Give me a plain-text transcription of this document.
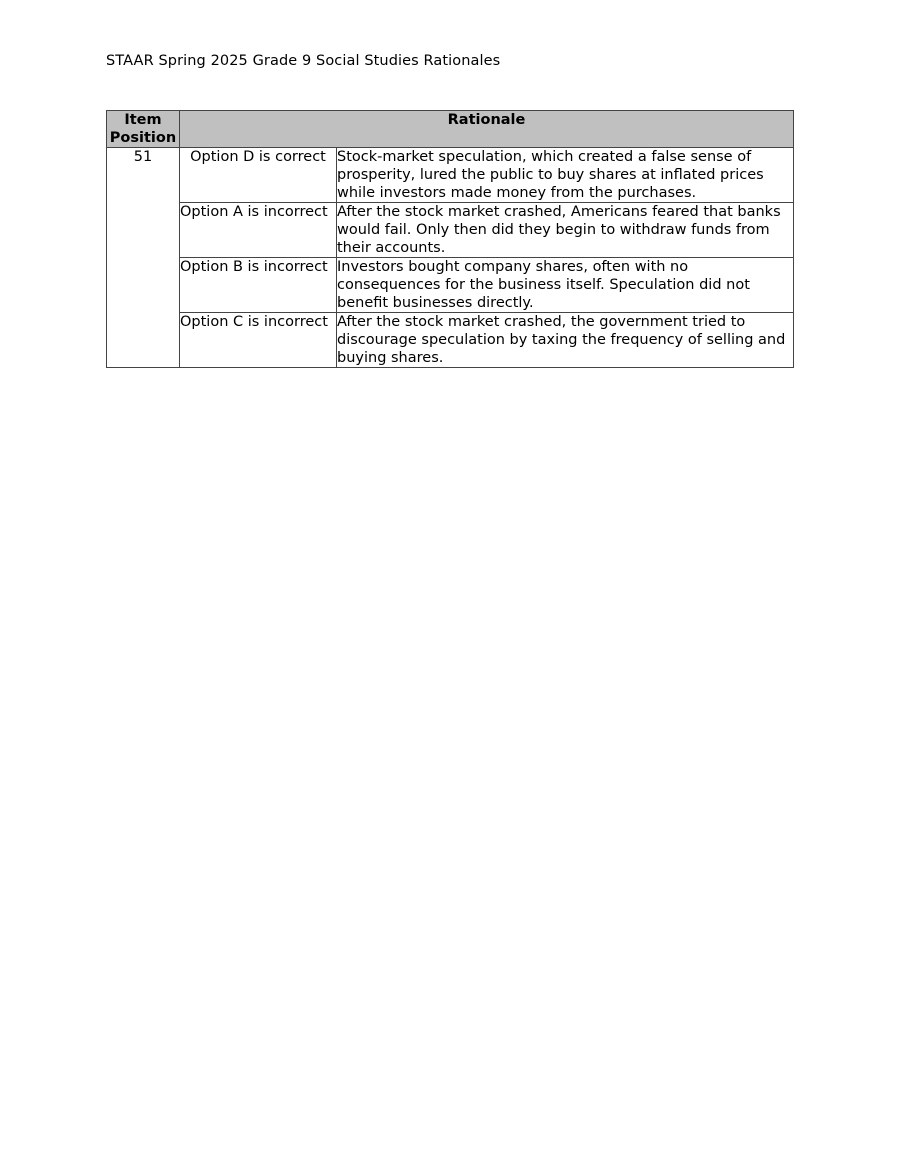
STAAR Spring 2025 Grade 9 Social Studies Rationales
Item Position	Rationale	
51	Option D is correct	Stock-market speculation, which created a false sense of prosperity, lured the public to buy shares at inflated prices while investors made money from the purchases.
	Option A is incorrect	After the stock market crashed, Americans feared that banks would fail. Only then did they begin to withdraw funds from their accounts.
	Option B is incorrect	Investors bought company shares, often with no consequences for the business itself. Speculation did not benefit businesses directly.
	Option C is incorrect	After the stock market crashed, the government tried to discourage speculation by taxing the frequency of selling and buying shares.
